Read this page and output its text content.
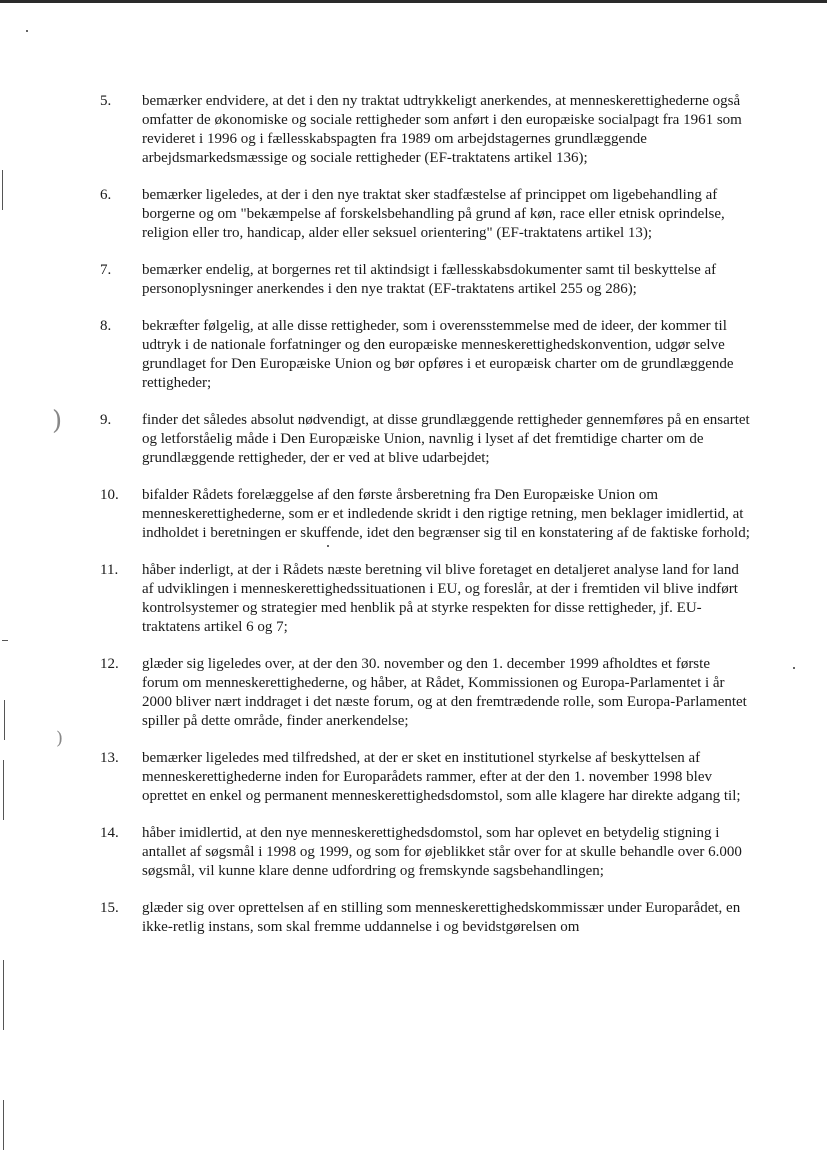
)
)
5.	bemærker endvidere, at det i den ny traktat udtrykkeligt anerkendes, at menneskerettighederne også omfatter de økonomiske og sociale rettigheder som anført i den europæiske socialpagt fra 1961 som revideret i 1996 og i fællesskabspagten fra 1989 om arbejdstagernes grundlæggende arbejdsmarkedsmæssige og sociale rettigheder (EF-traktatens artikel 136);
6.	bemærker ligeledes, at der i den nye traktat sker stadfæstelse af princippet om ligebehandling af borgerne og om "bekæmpelse af forskelsbehandling på grund af køn, race eller etnisk oprindelse, religion eller tro, handicap, alder eller seksuel orientering" (EF-traktatens artikel 13);
7.	bemærker endelig, at borgernes ret til aktindsigt i fællesskabsdokumenter samt til beskyttelse af personoplysninger anerkendes i den nye traktat (EF-traktatens artikel 255 og 286);
8.	bekræfter følgelig, at alle disse rettigheder, som i overensstemmelse med de ideer, der kommer til udtryk i de nationale forfatninger og den europæiske menneskerettighedskonvention, udgør selve grundlaget for Den Europæiske Union og bør opføres i et europæisk charter om de grundlæggende rettigheder;
9.	finder det således absolut nødvendigt, at disse grundlæggende rettigheder gennemføres på en ensartet og letforståelig måde i Den Europæiske Union, navnlig i lyset af det fremtidige charter om de grundlæggende rettigheder, der er ved at blive udarbejdet;
10.	bifalder Rådets forelæggelse af den første årsberetning fra Den Europæiske Union om menneskerettighederne, som er et indledende skridt i den rigtige retning, men beklager imidlertid, at indholdet i beretningen er skuffende, idet den begrænser sig til en konstatering af de faktiske forhold;
11.	håber inderligt, at der i Rådets næste beretning vil blive foretaget en detaljeret analyse land for land af udviklingen i menneskerettighedssituationen i EU, og foreslår, at der i fremtiden vil blive indført kontrolsystemer og strategier med henblik på at styrke respekten for disse rettigheder, jf. EU-traktatens artikel 6 og 7;
12.	glæder sig ligeledes over, at der den 30. november og den 1. december 1999 afholdtes et første forum om menneskerettighederne, og håber, at Rådet, Kommissionen og Europa-Parlamentet i år 2000 bliver nært inddraget i det næste forum, og at den fremtrædende rolle, som Europa-Parlamentet spiller på dette område, finder anerkendelse;
13.	bemærker ligeledes med tilfredshed, at der er sket en institutionel styrkelse af beskyttelsen af menneskerettighederne inden for Europarådets rammer, efter at der den 1. november 1998 blev oprettet en enkel og permanent menneskerettighedsdomstol, som alle klagere har direkte adgang til;
14.	håber imidlertid, at den nye menneskerettighedsdomstol, som har oplevet en betydelig stigning i antallet af søgsmål i 1998 og 1999, og som for øjeblikket står over for at skulle behandle over 6.000 søgsmål, vil kunne klare denne udfordring og fremskynde sagsbehandlingen;
15.	glæder sig over oprettelsen af en stilling som menneskerettighedskommissær under Europarådet, en ikke-retlig instans, som skal fremme uddannelse i og bevidstgørelsen om
